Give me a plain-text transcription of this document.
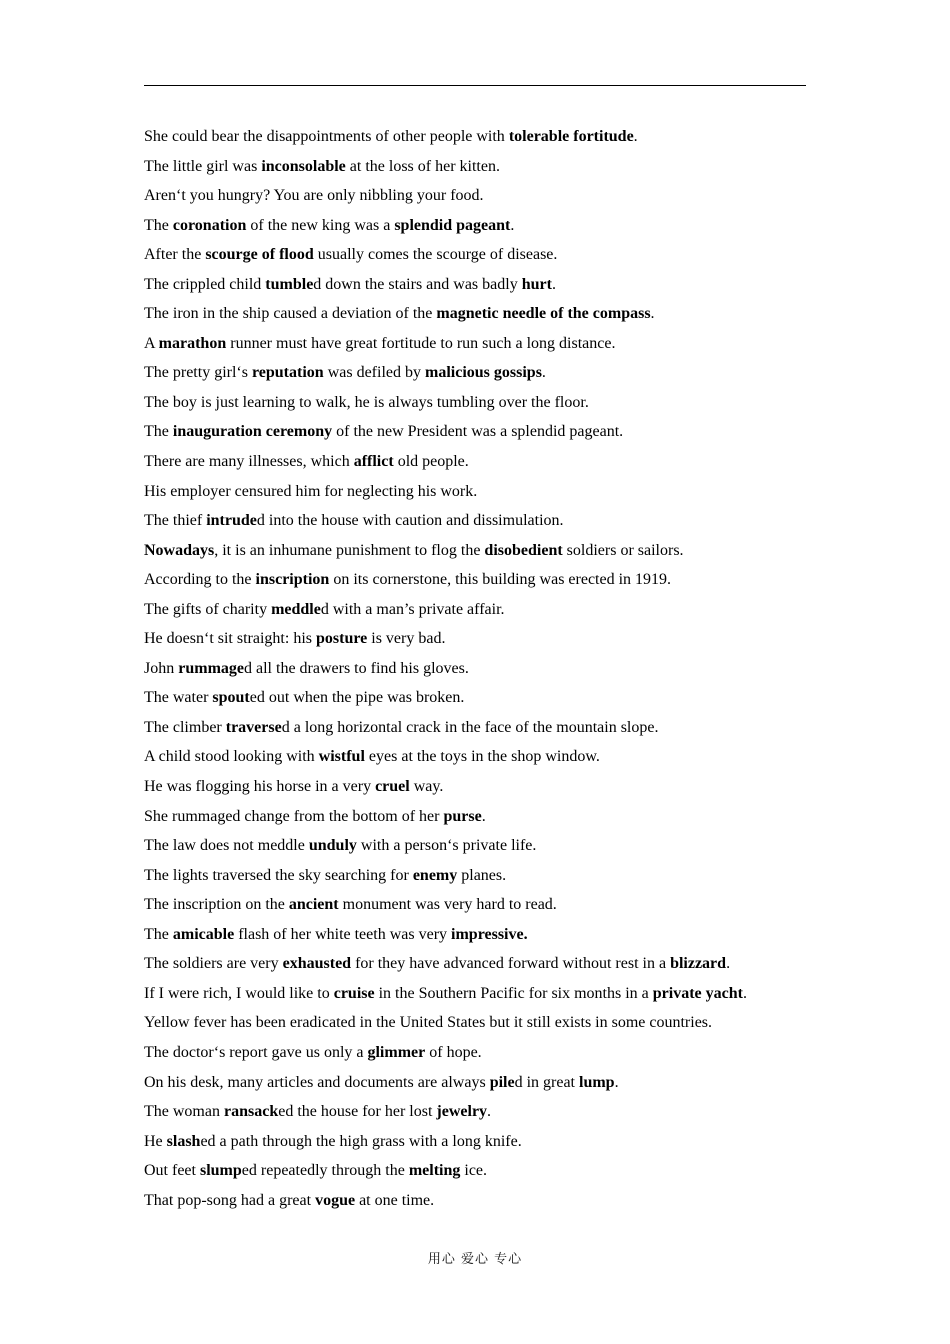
She could bear the disappointments of other people with tolerable fortitude.
The little girl was inconsolable at the loss of her kitten.
Aren‘t you hungry? You are only nibbling your food.
The coronation of the new king was a splendid pageant.
After the scourge of flood usually comes the scourge of disease.
The crippled child tumbled down the stairs and was badly hurt.
The iron in the ship caused a deviation of the magnetic needle of the compass.
A marathon runner must have great fortitude to run such a long distance.
The pretty girl‘s reputation was defiled by malicious gossips.
The boy is just learning to walk, he is always tumbling over the floor.
The inauguration ceremony of the new President was a splendid pageant.
There are many illnesses, which afflict old people.
His employer censured him for neglecting his work.
The thief intruded into the house with caution and dissimulation.
Nowadays, it is an inhumane punishment to flog the disobedient soldiers or sailors.
According to the inscription on its cornerstone, this building was erected in 1919.
The gifts of charity meddled with a man’s private affair.
He doesn‘t sit straight: his posture is very bad.
John rummaged all the drawers to find his gloves.
The water spouted out when the pipe was broken.
The climber traversed a long horizontal crack in the face of the mountain slope.
A child stood looking with wistful eyes at the toys in the shop window.
He was flogging his horse in a very cruel way.
She rummaged change from the bottom of her purse.
The law does not meddle unduly with a person‘s private life.
The lights traversed the sky searching for enemy planes.
The inscription on the ancient monument was very hard to read.
The amicable flash of her white teeth was very impressive.
The soldiers are very exhausted for they have advanced forward without rest in a blizzard.
If I were rich, I would like to cruise in the Southern Pacific for six months in a private yacht.
Yellow fever has been eradicated in the United States but it still exists in some countries.
The doctor‘s report gave us only a glimmer of hope.
On his desk, many articles and documents are always piled in great lump.
The woman ransacked the house for her lost jewelry.
He slashed a path through the high grass with a long knife.
Out feet slumped repeatedly through the melting ice.
That pop-song had a great vogue at one time.
用心 爱心 专心
